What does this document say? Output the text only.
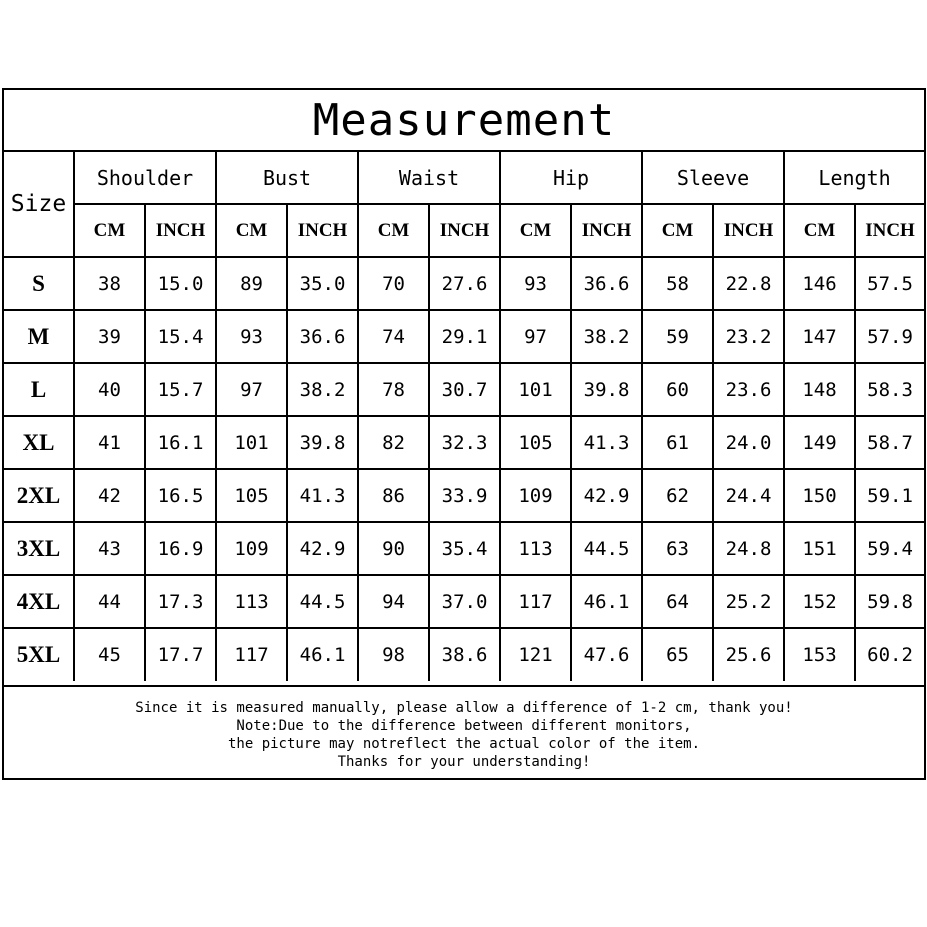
Measurement
Size	Shoulder		Bust		Waist		Hip		Sleeve		Length	
	CM	INCH	CM	INCH	CM	INCH	CM	INCH	CM	INCH	CM	INCH
S	38	15.0	89	35.0	70	27.6	93	36.6	58	22.8	146	57.5
M	39	15.4	93	36.6	74	29.1	97	38.2	59	23.2	147	57.9
L	40	15.7	97	38.2	78	30.7	101	39.8	60	23.6	148	58.3
XL	41	16.1	101	39.8	82	32.3	105	41.3	61	24.0	149	58.7
2XL	42	16.5	105	41.3	86	33.9	109	42.9	62	24.4	150	59.1
3XL	43	16.9	109	42.9	90	35.4	113	44.5	63	24.8	151	59.4
4XL	44	17.3	113	44.5	94	37.0	117	46.1	64	25.2	152	59.8
5XL	45	17.7	117	46.1	98	38.6	121	47.6	65	25.6	153	60.2
Since it is measured manually, please allow a difference of 1-2 cm, thank you!
Note:Due to the difference between different monitors,
the picture may notreflect the actual color of the item.
Thanks for your understanding!
